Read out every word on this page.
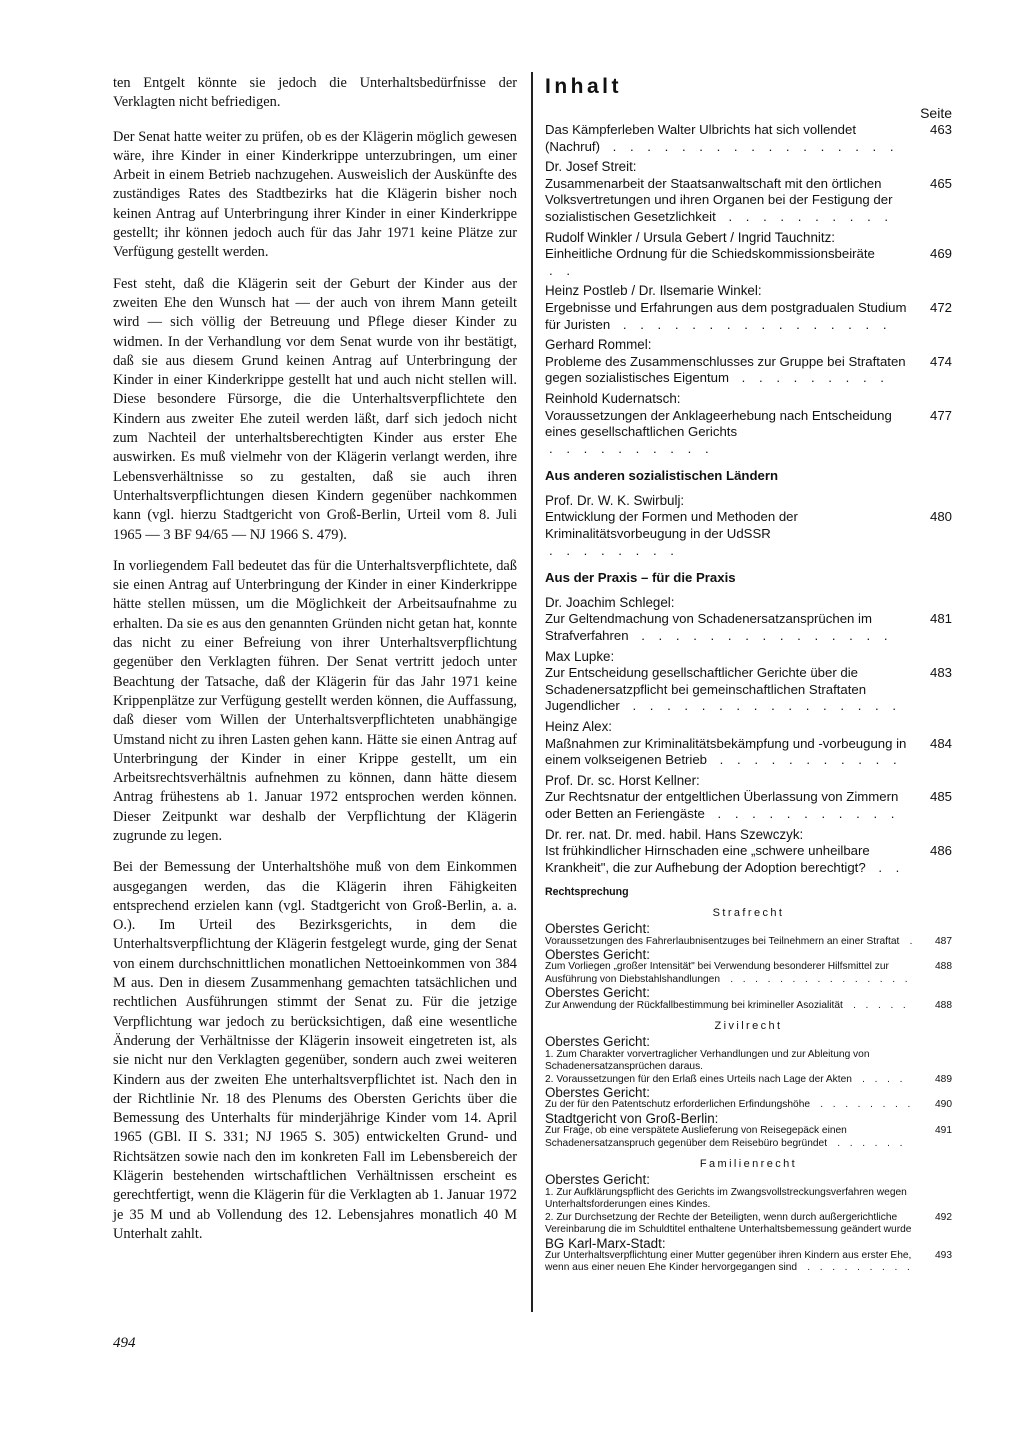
ten Entgelt könnte sie jedoch die Unterhaltsbedürfnisse der Verklagten nicht befriedigen.

Der Senat hatte weiter zu prüfen, ob es der Klägerin möglich gewesen wäre, ihre Kinder in einer Kinderkrippe unterzubringen, um einer Arbeit in einem Betrieb nachzugehen. Ausweislich der Auskünfte des zuständiges Rates des Stadtbezirks hat die Klägerin bisher noch keinen Antrag auf Unterbringung ihrer Kinder in einer Kinderkrippe gestellt; ihr können jedoch auch für das Jahr 1971 keine Plätze zur Verfügung gestellt werden.

Fest steht, daß die Klägerin seit der Geburt der Kinder aus der zweiten Ehe den Wunsch hat — der auch von ihrem Mann geteilt wird — sich völlig der Betreuung und Pflege dieser Kinder zu widmen. In der Verhandlung vor dem Senat wurde von ihr bestätigt, daß sie aus diesem Grund keinen Antrag auf Unterbringung der Kinder in einer Kinderkrippe gestellt hat und auch nicht stellen will. Diese besondere Fürsorge, die die Unterhaltsverpflichtete den Kindern aus zweiter Ehe zuteil werden läßt, darf sich jedoch nicht zum Nachteil der unterhaltsberechtigten Kinder aus erster Ehe auswirken. Es muß vielmehr von der Klägerin verlangt werden, ihre Lebensverhältnisse so zu gestalten, daß sie auch ihren Unterhaltsverpflichtungen diesen Kindern gegenüber nachkommen kann (vgl. hierzu Stadtgericht von Groß-Berlin, Urteil vom 8. Juli 1965 — 3 BF 94/65 — NJ 1966 S. 479).

In vorliegendem Fall bedeutet das für die Unterhaltsverpflichtete, daß sie einen Antrag auf Unterbringung der Kinder in einer Kinderkrippe hätte stellen müssen, um die Möglichkeit der Arbeitsaufnahme zu erhalten. Da sie es aus den genannten Gründen nicht getan hat, konnte das nicht zu einer Befreiung von ihrer Unterhaltsverpflichtung gegenüber den Verklagten führen. Der Senat vertritt jedoch unter Beachtung der Tatsache, daß der Klägerin für das Jahr 1971 keine Krippenplätze zur Verfügung gestellt werden können, die Auffassung, daß dieser vom Willen der Unterhaltsverpflichteten unabhängige Umstand nicht zu ihren Lasten gehen kann. Hätte sie einen Antrag auf Unterbringung der Kinder in einer Krippe gestellt, um ein Arbeitsrechtsverhältnis aufnehmen zu können, dann hätte diesem Antrag frühestens ab 1. Januar 1972 entsprochen werden können. Dieser Zeitpunkt war deshalb der Verpflichtung der Klägerin zugrunde zu legen.

Bei der Bemessung der Unterhaltshöhe muß von dem Einkommen ausgegangen werden, das die Klägerin ihren Fähigkeiten entsprechend erzielen kann (vgl. Stadtgericht von Groß-Berlin, a. a. O.). Im Urteil des Bezirksgerichts, in dem die Unterhaltsverpflichtung der Klägerin festgelegt wurde, ging der Senat von einem durchschnittlichen monatlichen Nettoeinkommen von 384 M aus. Den in diesem Zusammenhang gemachten tatsächlichen und rechtlichen Ausführungen stimmt der Senat zu. Für die jetzige Verpflichtung war jedoch zu berücksichtigen, daß eine wesentliche Änderung der Verhältnisse der Klägerin insoweit eingetreten ist, als sie nicht nur den Verklagten gegenüber, sondern auch zwei weiteren Kindern aus der zweiten Ehe unterhaltsverpflichtet ist. Nach den in der Richtlinie Nr. 18 des Plenums des Obersten Gerichts über die Bemessung des Unterhalts für minderjährige Kinder vom 14. April 1965 (GBl. II S. 331; NJ 1965 S. 305) entwickelten Grund- und Richtsätzen sowie nach den im konkreten Fall im Lebensbereich der Klägerin bestehenden wirtschaftlichen Verhältnissen erscheint es gerechtfertigt, wenn die Klägerin für die Verklagten ab 1. Januar 1972 je 35 M und ab Vollendung des 12. Lebensjahres monatlich 40 M Unterhalt zahlt.

494
Inhalt
Seite
Das Kämpferleben Walter Ulbrichts hat sich vollendet (Nachruf) . . . . . . . . . . . . . . . . .
463
Dr. Josef Streit:
Zusammenarbeit der Staatsanwaltschaft mit den örtlichen Volksvertretungen und ihren Organen bei der Festigung der sozialistischen Gesetzlichkeit . . . . . . . . . .
465
Rudolf Winkler / Ursula Gebert / Ingrid Tauchnitz:
Einheitliche Ordnung für die Schiedskommissionsbeiräte . .
469
Heinz Postleb / Dr. Ilsemarie Winkel:
Ergebnisse und Erfahrungen aus dem postgradualen Studium für Juristen . . . . . . . . . . . . . . . .
472
Gerhard Rommel:
Probleme des Zusammenschlusses zur Gruppe bei Straftaten gegen sozialistisches Eigentum . . . . . . . . .
474
Reinhold Kudernatsch:
Voraussetzungen der Anklageerhebung nach Entscheidung eines gesellschaftlichen Gerichts . . . . . . . . . .
477
Aus anderen sozialistischen Ländern
Prof. Dr. W. K. Swirbulj:
Entwicklung der Formen und Methoden der Kriminalitätsvorbeugung in der UdSSR . . . . . . . .
480
Aus der Praxis – für die Praxis
Dr. Joachim Schlegel:
Zur Geltendmachung von Schadenersatzansprüchen im Strafverfahren . . . . . . . . . . . . . . .
481
Max Lupke:
Zur Entscheidung gesellschaftlicher Gerichte über die Schadenersatzpflicht bei gemeinschaftlichen Straftaten Jugendlicher . . . . . . . . . . . . . . . .
483
Heinz Alex:
Maßnahmen zur Kriminalitätsbekämpfung und -vorbeugung in einem volkseigenen Betrieb . . . . . . . . . . .
484
Prof. Dr. sc. Horst Kellner:
Zur Rechtsnatur der entgeltlichen Überlassung von Zimmern oder Betten an Feriengäste . . . . . . . . . . .
485
Dr. rer. nat. Dr. med. habil. Hans Szewczyk:
Ist frühkindlicher Hirnschaden eine „schwere unheilbare Krankheit", die zur Aufhebung der Adoption berechtigt? . .
486
Rechtsprechung
Strafrecht
Oberstes Gericht:
Voraussetzungen des Fahrerlaubnisentzuges bei Teilnehmern an einer Straftat .	487
Oberstes Gericht:
Zum Vorliegen „großer Intensität" bei Verwendung besonderer Hilfsmittel zur Ausführung von Diebstahlshandlungen . . . . . . . . . . . . . . .
488
Oberstes Gericht:
Zur Anwendung der Rückfallbestimmung bei krimineller Asozialität . . . . .	488
Zivilrecht
Oberstes Gericht:
1. Zum Charakter vorvertraglicher Verhandlungen und zur Ableitung von Schadenersatzansprüchen daraus.
2. Voraussetzungen für den Erlaß eines Urteils nach Lage der Akten . . . .	489
Oberstes Gericht:
Zu der für den Patentschutz erforderlichen Erfindungshöhe . . . . . . . .	490
Stadtgericht von Groß-Berlin:
Zur Frage, ob eine verspätete Auslieferung von Reisegepäck einen Schadenersatzanspruch gegenüber dem Reisebüro begründet . . . . . .
491
Familienrecht
Oberstes Gericht:
1. Zur Aufklärungspflicht des Gerichts im Zwangsvollstreckungsverfahren wegen Unterhaltsforderungen eines Kindes.
2. Zur Durchsetzung der Rechte der Beteiligten, wenn durch außergerichtliche Vereinbarung die im Schuldtitel enthaltene Unterhaltsbemessung geändert wurde
492
BG Karl-Marx-Stadt:
Zur Unterhaltsverpflichtung einer Mutter gegenüber ihren Kindern aus erster Ehe, wenn aus einer neuen Ehe Kinder hervorgegangen sind . . . . . . . . .
493
